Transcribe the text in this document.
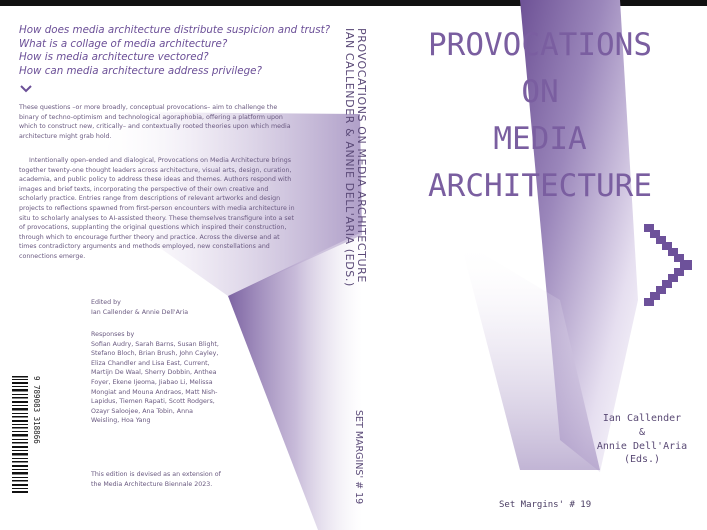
How does media architecture distribute suspicion and trust?
What is a collage of media architecture?
How is media architecture vectored?
How can media architecture address privilege?
These questions –or more broadly, conceptual provocations– aim to challenge the binary of techno-optimism and technological agoraphobia, offering a platform upon which to construct new, critically– and contextually rooted theories upon which media architecture might grab hold.
Intentionally open-ended and dialogical, Provocations on Media Architecture brings together twenty-one thought leaders across architecture, visual arts, design, curation, academia, and public policy to address these ideas and themes. Authors respond with images and brief texts, incorporating the perspective of their own creative and scholarly practice. Entries range from descriptions of relevant artworks and design projects to reflections spawned from first-person encounters with media architecture in situ to scholarly analyses to AI-assisted theory. These themselves transfigure into a set of provocations, supplanting the original questions which inspired their construction, through which to encourage further theory and practice. Across the diverse and at times contradictory arguments and methods employed, new constellations and connections emerge.
Edited by
Ian Callender & Annie Dell'Aria
Responses by
Sofian Audry, Sarah Barns, Susan Blight, Stefano Bloch, Brian Brush, John Cayley, Eliza Chandler and Lisa East, Current, Martijn De Waal, Sherry Dobbin, Anthea Foyer, Ekene Ijeoma, Jiabao Li, Melissa Mongiat and Mouna Andraos, Matt Nish-Lapidus, Tiemen Rapati, Scott Rodgers, Ozayr Saloojee, Ana Tobin, Anna Weisling, Hoa Yang
This edition is devised as an extension of the Media Architecture Biennale 2023.
9 789083 318866
PROVOCATIONS ON MEDIA ARCHITECTURE
IAN CALLENDER & ANNIE DELL'ARIA (EDS.)
SET MARGINS' # 19
PROVOCATIONS
ON
MEDIA
ARCHITECTURE
Ian Callender
&
Annie Dell'Aria
(Eds.)
Set Margins' # 19
